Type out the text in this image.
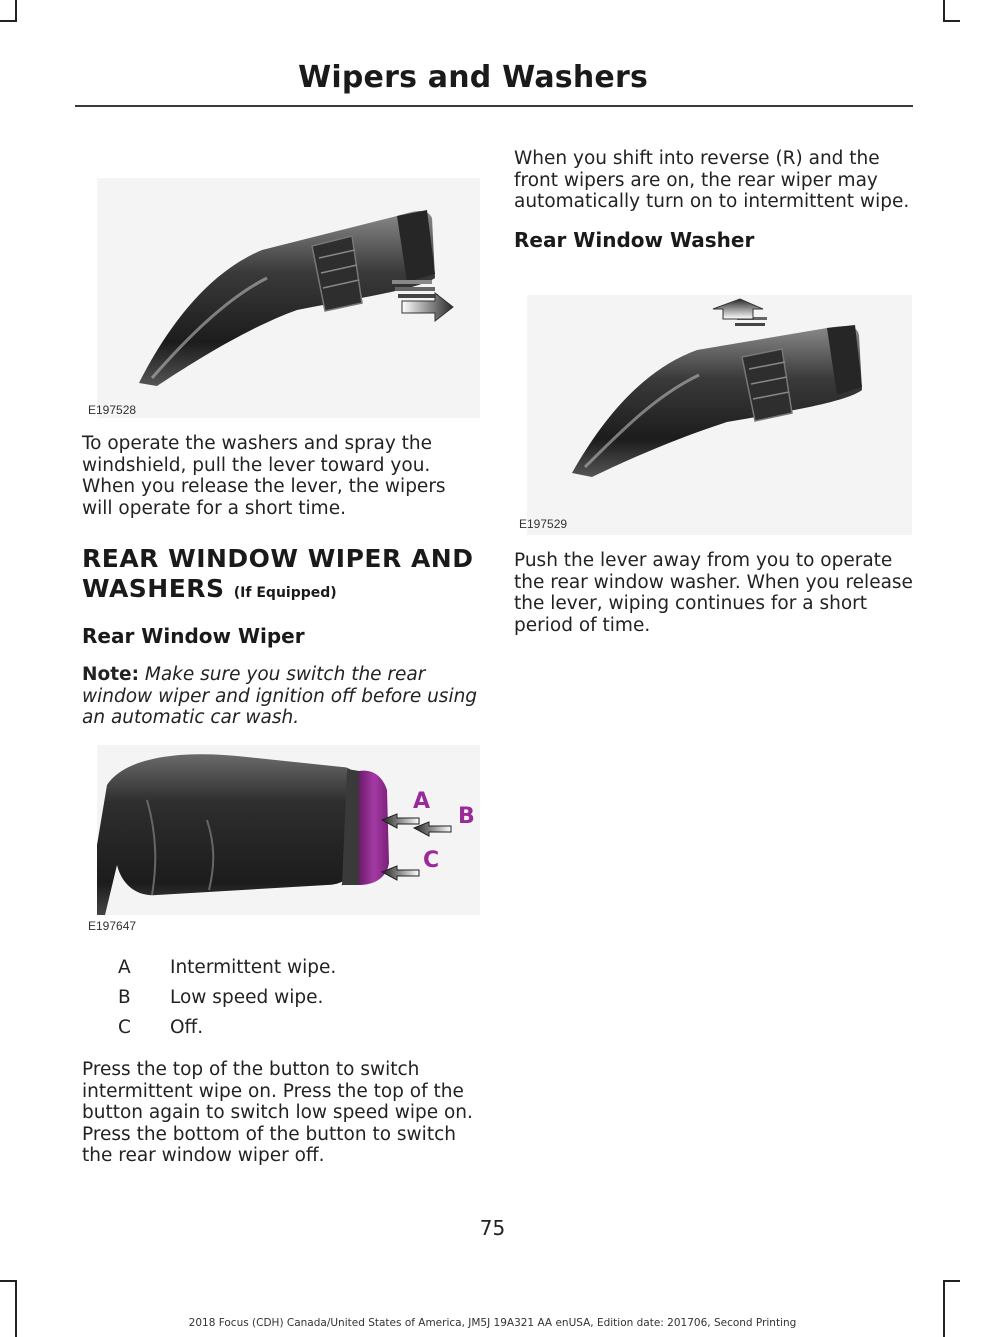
Wipers and Washers
E197528

To operate the washers and spray the windshield, pull the lever toward you. When you release the lever, the wipers will operate for a short time.

REAR WINDOW WIPER AND WASHERS (If Equipped)
Rear Window Wiper

Note: Make sure you switch the rear window wiper and ignition off before using an automatic car wash.

A
B
C
E197647
A Intermittent wipe.
B Low speed wipe.
C Off.

Press the top of the button to switch intermittent wipe on. Press the top of the button again to switch low speed wipe on. Press the bottom of the button to switch the rear window wiper off.

When you shift into reverse (R) and the front wipers are on, the rear wiper may automatically turn on to intermittent wipe.

Rear Window Washer
E197529

Push the lever away from you to operate the rear window washer. When you release the lever, wiping continues for a short period of time.

75
2018 Focus (CDH) Canada/United States of America, JM5J 19A321 AA enUSA, Edition date: 201706, Second Printing
